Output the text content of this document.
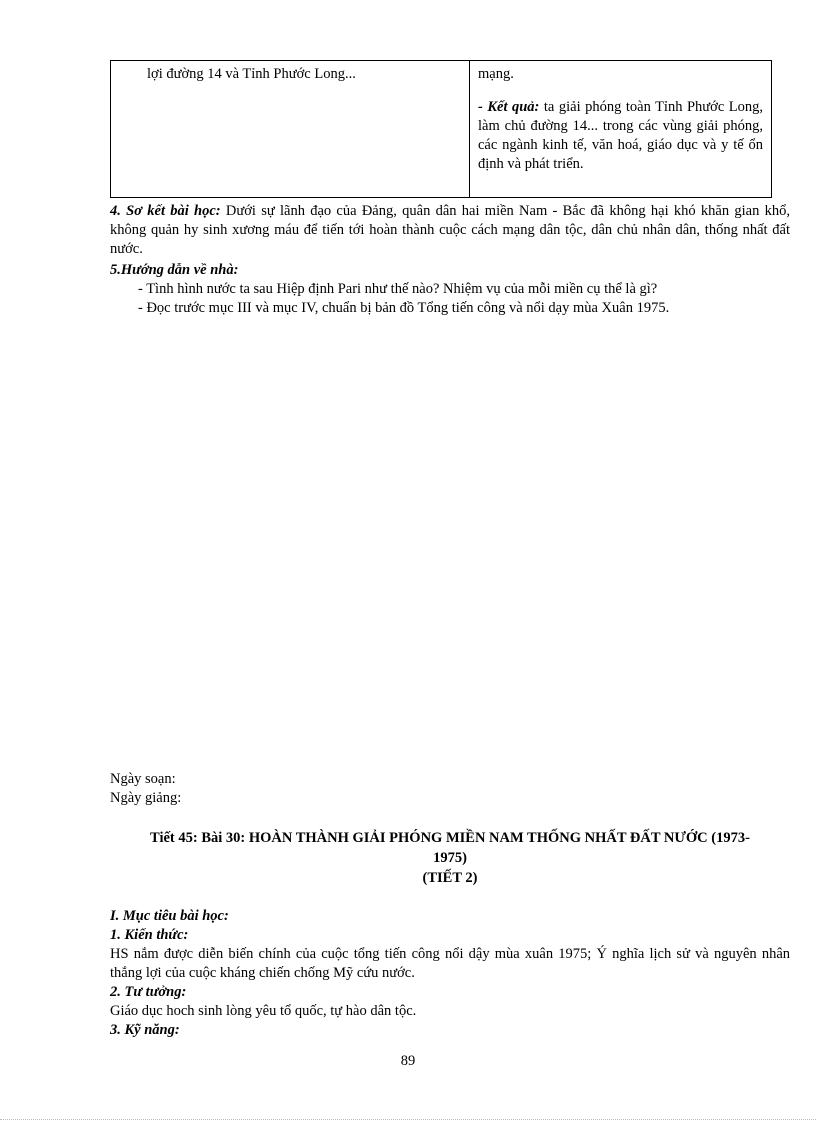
lợi đường 14 và Tỉnh Phước Long...	mạng.
- Kết quả: ta giải phóng toàn Tỉnh Phước Long, làm chủ đường 14... trong các vùng giải phóng, các ngành kinh tế, văn hoá, giáo dục và y tế ổn định và phát triển.
4. Sơ kết bài học: Dưới sự lãnh đạo của Đảng, quân dân hai miền Nam - Bắc đã không hại khó khăn gian khổ, không quản hy sinh xương máu để tiến tới hoàn thành cuộc cách mạng dân tộc, dân chủ nhân dân, thống nhất đất nước.
5.Hướng dẫn về nhà:
- Tình hình nước ta sau Hiệp định Pari như thế nào? Nhiệm vụ của mỗi miền cụ thể là gì?
- Đọc trước mục III và mục IV, chuẩn bị bản đồ Tổng tiến công và nổi dạy mùa Xuân 1975.
Ngày soạn:
Ngày giảng:
Tiết 45: Bài 30: HOÀN THÀNH GIẢI PHÓNG MIỀN NAM THỐNG NHẤT ĐẤT NƯỚC (1973-
1975)
(TIẾT 2)
I. Mục tiêu bài học:
1. Kiến thức:
HS nắm được diễn biến chính của cuộc tổng tiến công nổi dậy mùa xuân 1975; Ý nghĩa lịch sử và nguyên nhân thắng lợi của cuộc kháng chiến chống Mỹ cứu nước.
2. Tư tưởng:
Giáo dục hoch sinh lòng yêu tổ quốc, tự hào dân tộc.
3. Kỹ năng:
89
